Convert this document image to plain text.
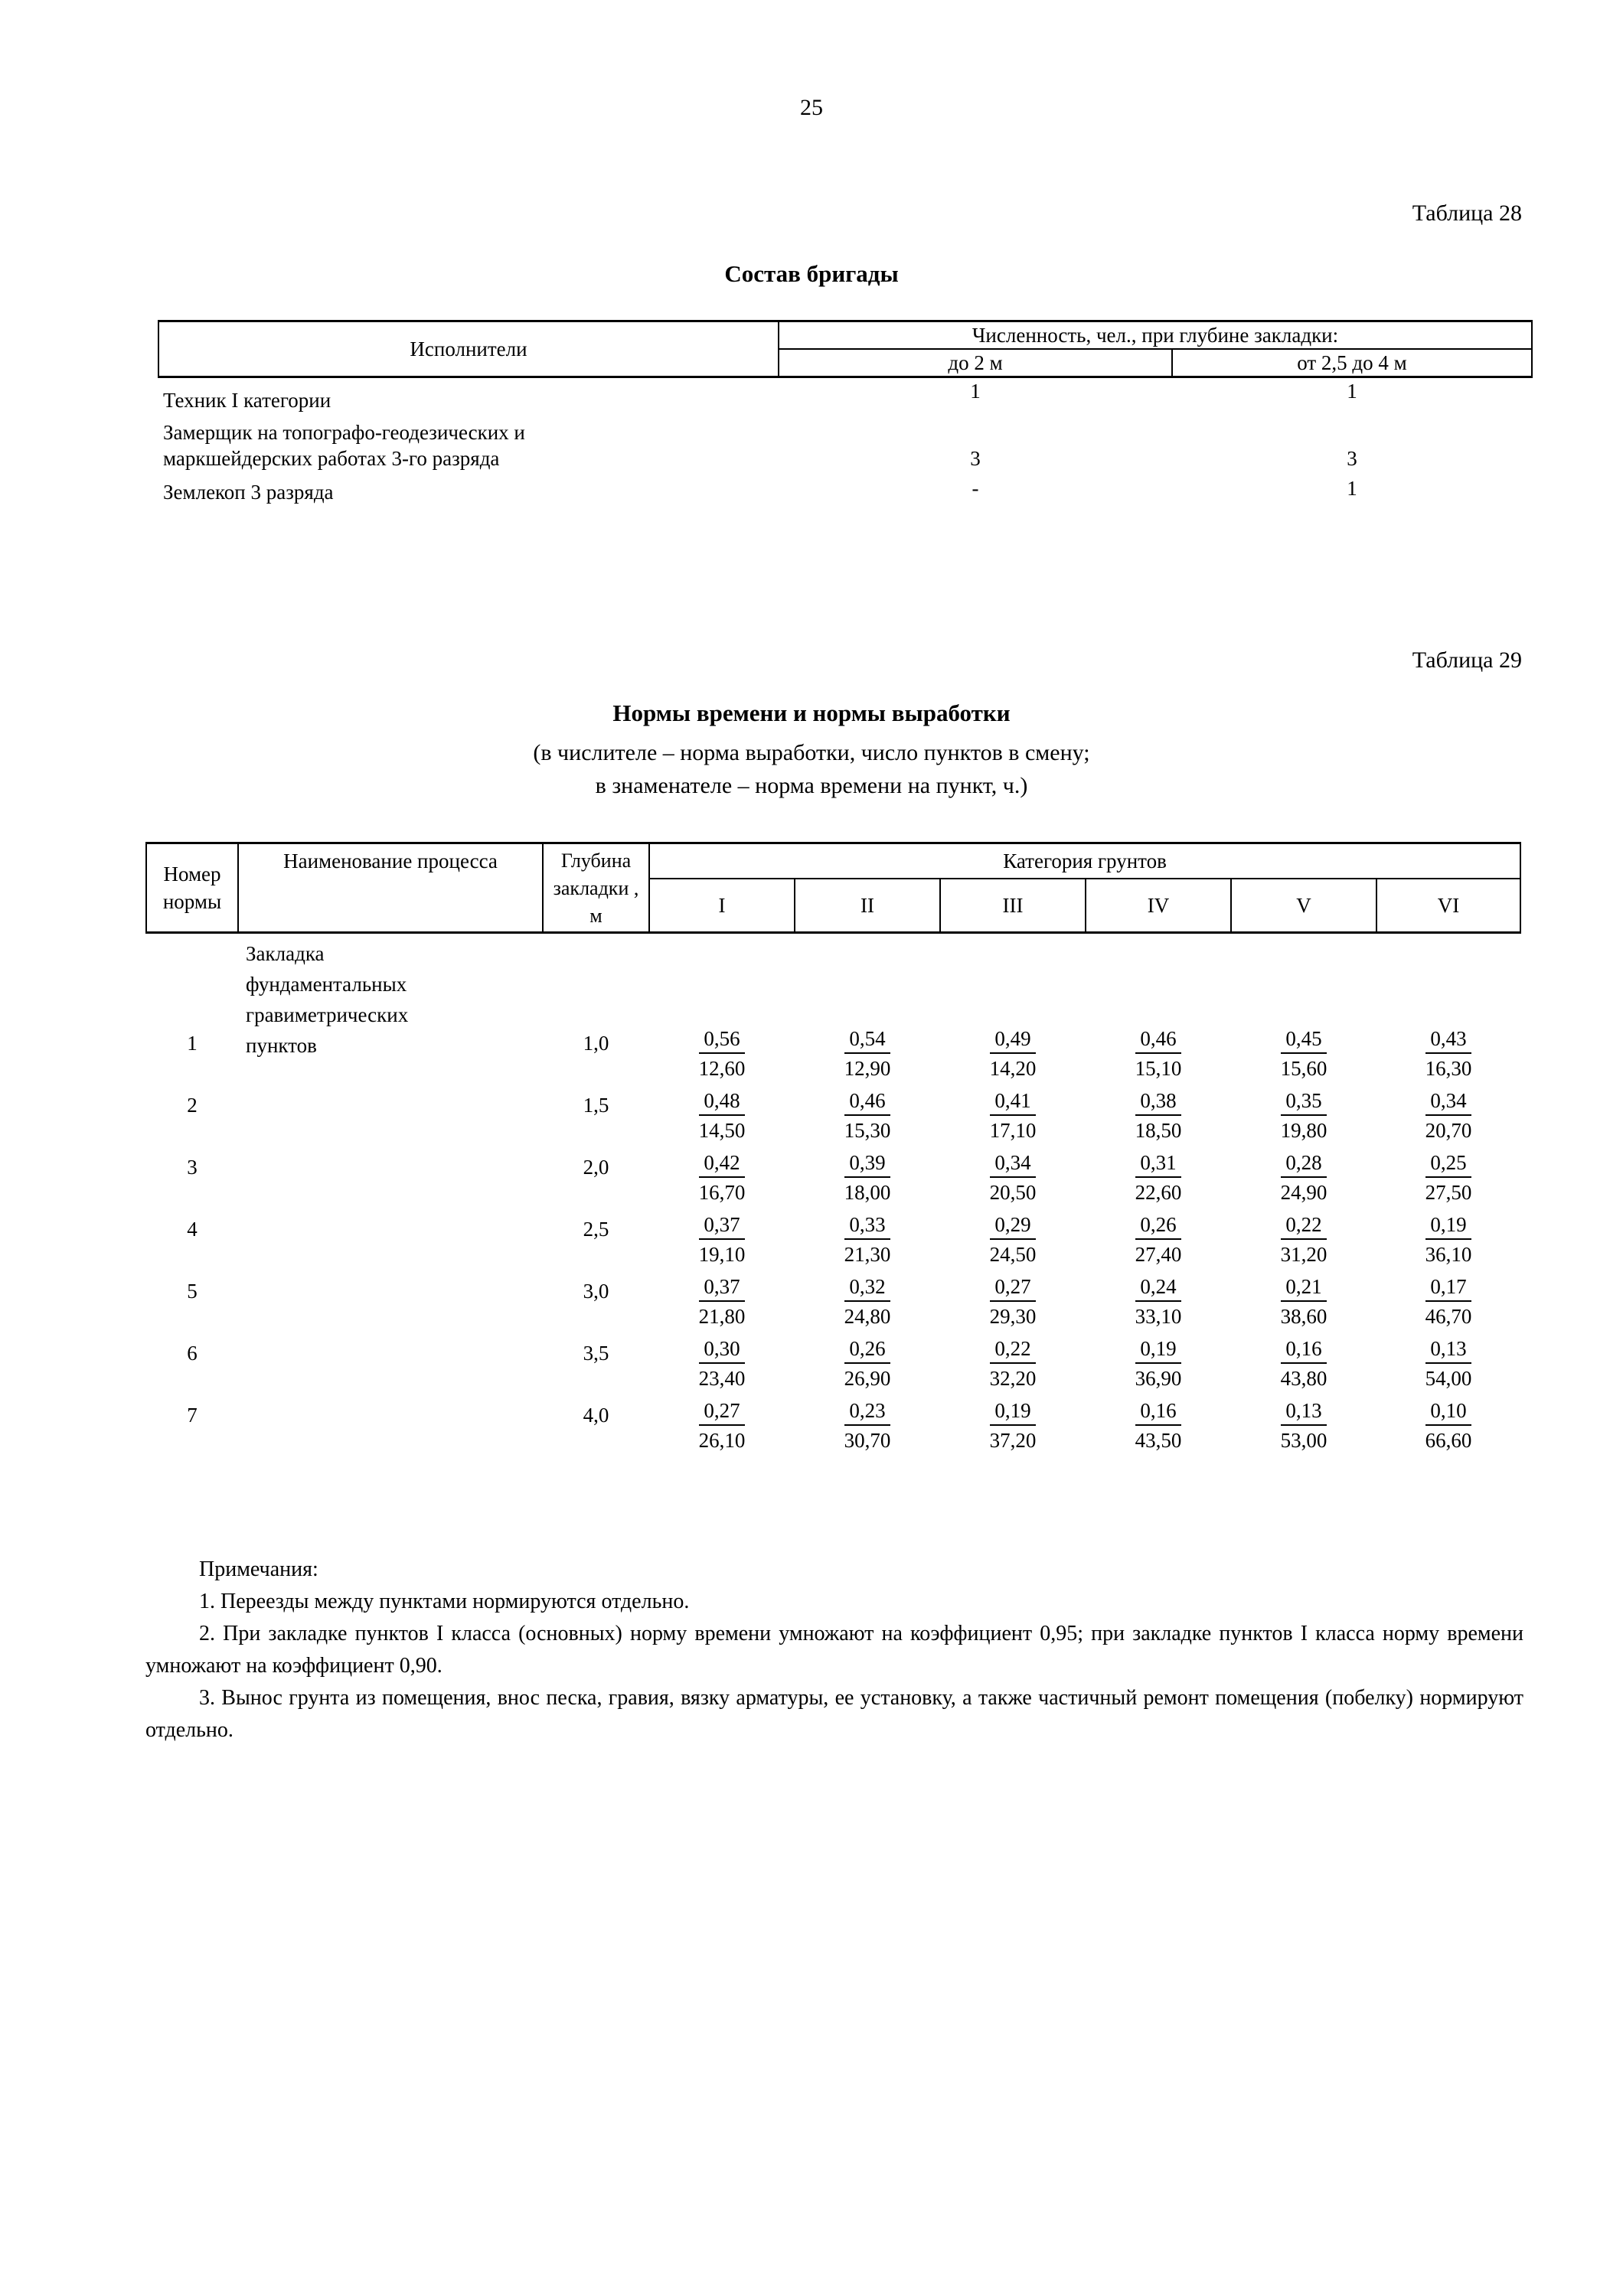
25
Таблица 28
Состав бригады
Исполнители	Численность, чел., при глубине закладки:	
	до 2 м	от 2,5 до 4 м
Техник I категории	1	1
Замерщик на топографо-геодезических и
маркшейдерских работах 3-го разряда	3	3
Землекоп 3 разряда	-	1
Таблица 29
Нормы времени и нормы выработки
(в числителе – норма выработки, число пунктов в смену;
в знаменателе – норма времени на пункт, ч.)
Номер нормы	Наименование процесса	Глубина закладки , м	Категория грунтов					
			I	II	III	IV	V	VI
1	Закладка
фундаментальных
гравиметрических
пунктов	1,0	$\frac{0,56}{12,60}$	$\frac{0,54}{12,90}$	$\frac{0,49}{14,20}$	$\frac{0,46}{15,10}$	$\frac{0,45}{15,60}$	$\frac{0,43}{16,30}$

2		1,5	$\frac{0,48}{14,50}$	$\frac{0,46}{15,30}$	$\frac{0,41}{17,10}$	$\frac{0,38}{18,50}$	$\frac{0,35}{19,80}$	$\frac{0,34}{20,70}$

3		2,0	$\frac{0,42}{16,70}$	$\frac{0,39}{18,00}$	$\frac{0,34}{20,50}$	$\frac{0,31}{22,60}$	$\frac{0,28}{24,90}$	$\frac{0,25}{27,50}$

4		2,5	$\frac{0,37}{19,10}$	$\frac{0,33}{21,30}$	$\frac{0,29}{24,50}$	$\frac{0,26}{27,40}$	$\frac{0,22}{31,20}$	$\frac{0,19}{36,10}$

5		3,0	$\frac{0,37}{21,80}$	$\frac{0,32}{24,80}$	$\frac{0,27}{29,30}$	$\frac{0,24}{33,10}$	$\frac{0,21}{38,60}$	$\frac{0,17}{46,70}$

6		3,5	$\frac{0,30}{23,40}$	$\frac{0,26}{26,90}$	$\frac{0,22}{32,20}$	$\frac{0,19}{36,90}$	$\frac{0,16}{43,80}$	$\frac{0,13}{54,00}$

7		4,0	$\frac{0,27}{26,10}$	$\frac{0,23}{30,70}$	$\frac{0,19}{37,20}$	$\frac{0,16}{43,50}$	$\frac{0,13}{53,00}$	$\frac{0,10}{66,60}$
Примечания:
1. Переезды между пунктами нормируются отдельно.
2. При закладке пунктов I класса (основных) норму времени умножают на коэффициент 0,95; при закладке пунктов I класса норму времени умножают на коэффициент 0,90.
3. Вынос грунта из помещения, внос песка, гравия, вязку арматуры, ее установку, а также частичный ремонт помещения (побелку) нормируют отдельно.
